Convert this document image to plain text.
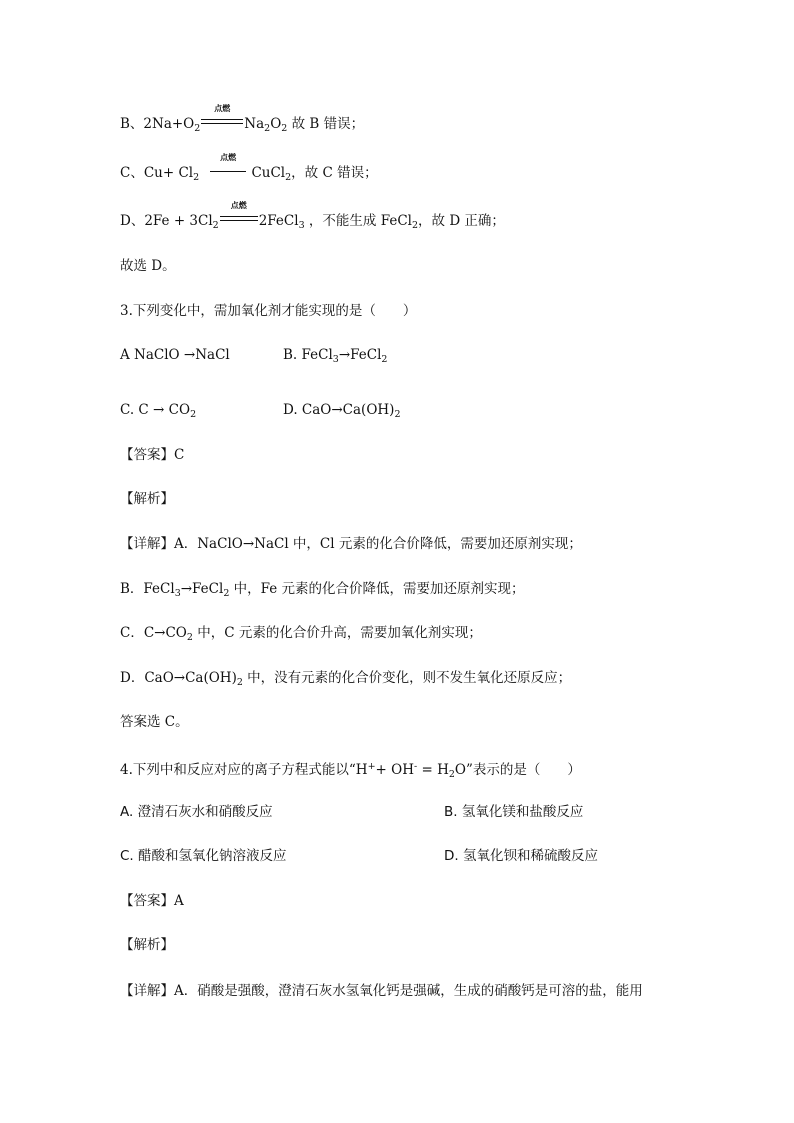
B、$2Na+O_2$
点燃
$Na_2O_2$ 故 B 错误；
C、$Cu+ Cl_2$
点燃
CuCl$_2$，故 C 错误；
D、$2Fe + 3Cl_2$
点燃
2FeCl$_3$ ，不能生成 FeCl$_2$，故 D 正确；
故选 D。
3.下列变化中，需加氧化剂才能实现的是（　　）
A NaClO →NaCl	B. FeCl$_3$→FeCl$_2$
C. $C \to CO_2$	D. $CaO\to Ca(OH)_2$
【答案】C
【解析】
【详解】A．NaClO→NaCl 中，Cl 元素的化合价降低，需要加还原剂实现；
B．FeCl$_3$→FeCl$_2$ 中，Fe 元素的化合价降低，需要加还原剂实现；
C．$C\to CO_2$ 中，C 元素的化合价升高，需要加氧化剂实现；
D．$CaO\to Ca(OH)_2$ 中，没有元素的化合价变化，则不发生氧化还原反应；
答案选 C。
4.下列中和反应对应的离子方程式能以“$H^++ OH^- = H_2O$”表示的是（　　）
A. 澄清石灰水和硝酸反应	B. 氢氧化镁和盐酸反应
C. 醋酸和氢氧化钠溶液反应	D. 氢氧化钡和稀硫酸反应
【答案】A
【解析】
【详解】A．硝酸是强酸，澄清石灰水氢氧化钙是强碱，生成的硝酸钙是可溶的盐，能用
